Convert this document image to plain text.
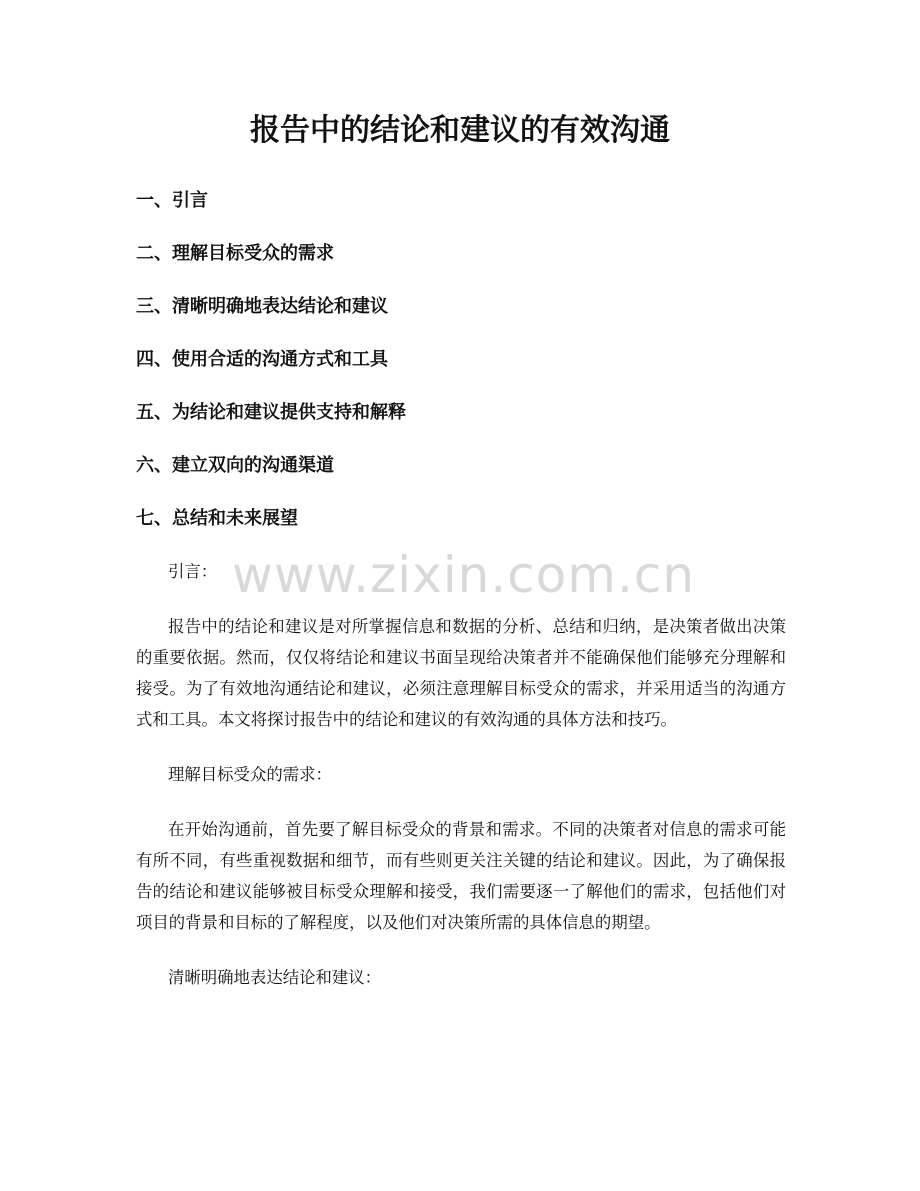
报告中的结论和建议的有效沟通
一、引言
二、理解目标受众的需求
三、清晰明确地表达结论和建议
四、使用合适的沟通方式和工具
五、为结论和建议提供支持和解释
六、建立双向的沟通渠道
七、总结和未来展望
www.zixin.com.cn

引言：

报告中的结论和建议是对所掌握信息和数据的分析、总结和归纳，是决策者做出决策的重要依据。然而，仅仅将结论和建议书面呈现给决策者并不能确保他们能够充分理解和接受。为了有效地沟通结论和建议，必须注意理解目标受众的需求，并采用适当的沟通方式和工具。本文将探讨报告中的结论和建议的有效沟通的具体方法和技巧。

理解目标受众的需求：

在开始沟通前，首先要了解目标受众的背景和需求。不同的决策者对信息的需求可能有所不同，有些重视数据和细节，而有些则更关注关键的结论和建议。因此，为了确保报告的结论和建议能够被目标受众理解和接受，我们需要逐一了解他们的需求，包括他们对项目的背景和目标的了解程度，以及他们对决策所需的具体信息的期望。

清晰明确地表达结论和建议：
